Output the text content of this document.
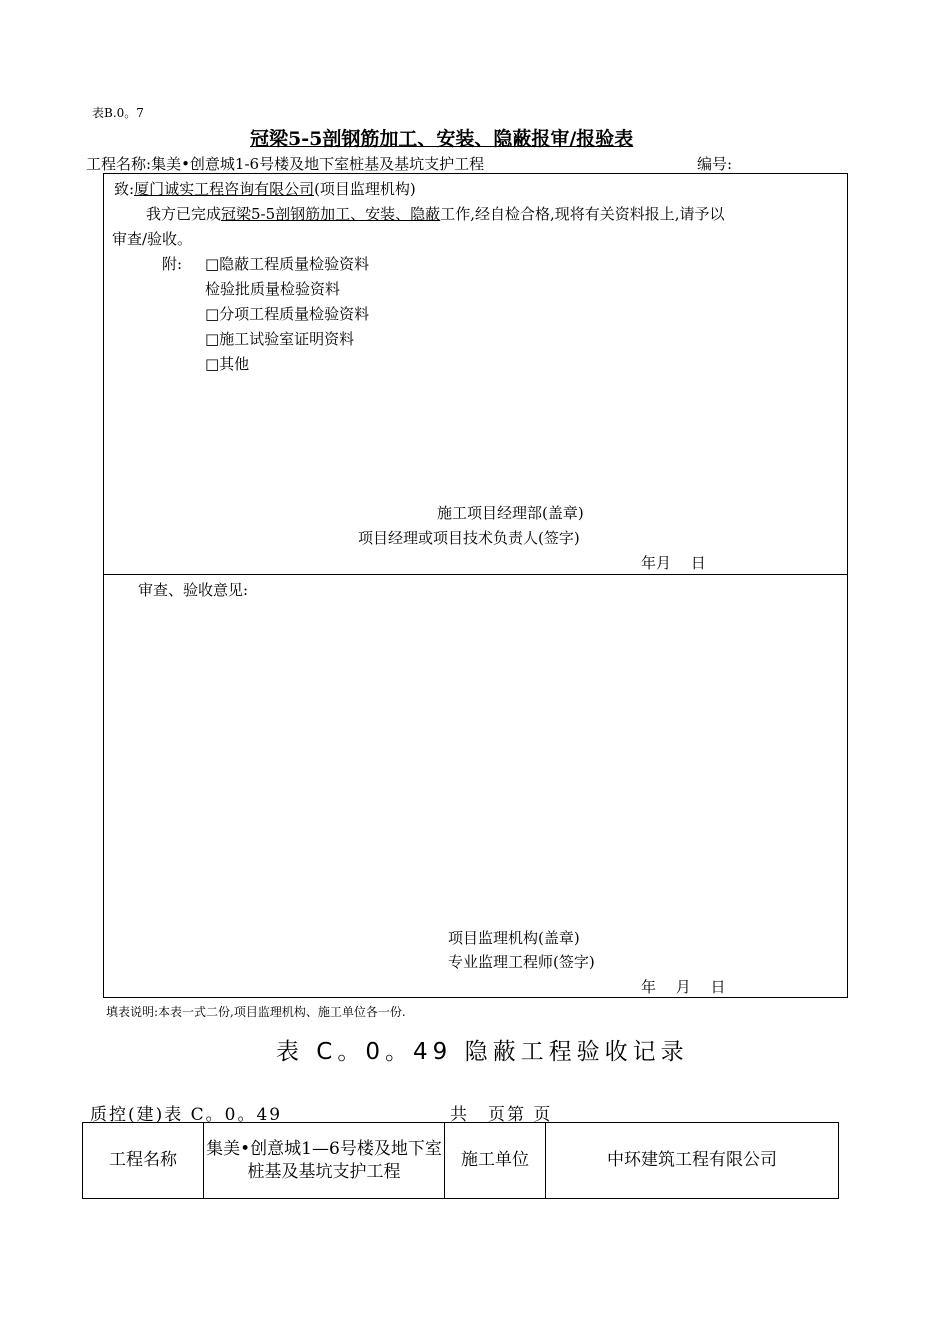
表B.0。7
冠梁5-5剖钢筋加工、安装、隐蔽报审/报验表
工程名称:集美•创意城1-6号楼及地下室桩基及基坑支护工程	编号:
致:厦门诚实工程咨询有限公司(项目监理机构)
我方已完成冠梁5-5剖钢筋加工、安装、隐蔽工作,经自检合格,现将有关资料报上,请予以
审查/验收。
附: □隐蔽工程质量检验资料
检验批质量检验资料
□分项工程质量检验资料
□施工试验室证明资料
□其他
施工项目经理部(盖章)
项目经理或项目技术负责人(签字)
年月　 日
审查、验收意见:
项目监理机构(盖章)
专业监理工程师(签字)
年　 月　 日
填表说明:本表一式二份,项目监理机构、施工单位各一份.
表 C。0。49 隐蔽工程验收记录
质控(建)表 C。0。49	共　页第 页
工程名称	集美•创意城1—6号楼及地下室桩基及基坑支护工程	施工单位	中环建筑工程有限公司
